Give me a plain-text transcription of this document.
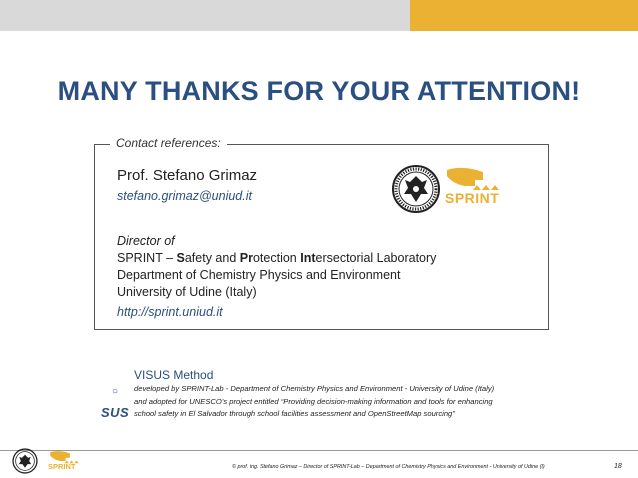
MANY THANKS FOR YOUR ATTENTION!
Contact references:
Prof. Stefano Grimaz
stefano.grimaz@uniud.it
Director of
SPRINT – Safety and Protection Intersectorial Laboratory
Department of Chemistry Physics and Environment
University of Udine (Italy)
http://sprint.uniud.it
SPRINT
VISUS Method
○
SUS
developed by SPRINT-Lab - Department of Chemistry Physics and Environment - University of Udine (Italy)
and adopted for UNESCO’s project entitled “Providing decision-making information and tools for enhancing
school safety in El Salvador through school facilities assessment and OpenStreetMap sourcing”
SPRINT	© prof. ing. Stefano Grimaz – Director of SPRINT-Lab – Department of Chemistry Physics and Environment - University of Udine (I)	18
